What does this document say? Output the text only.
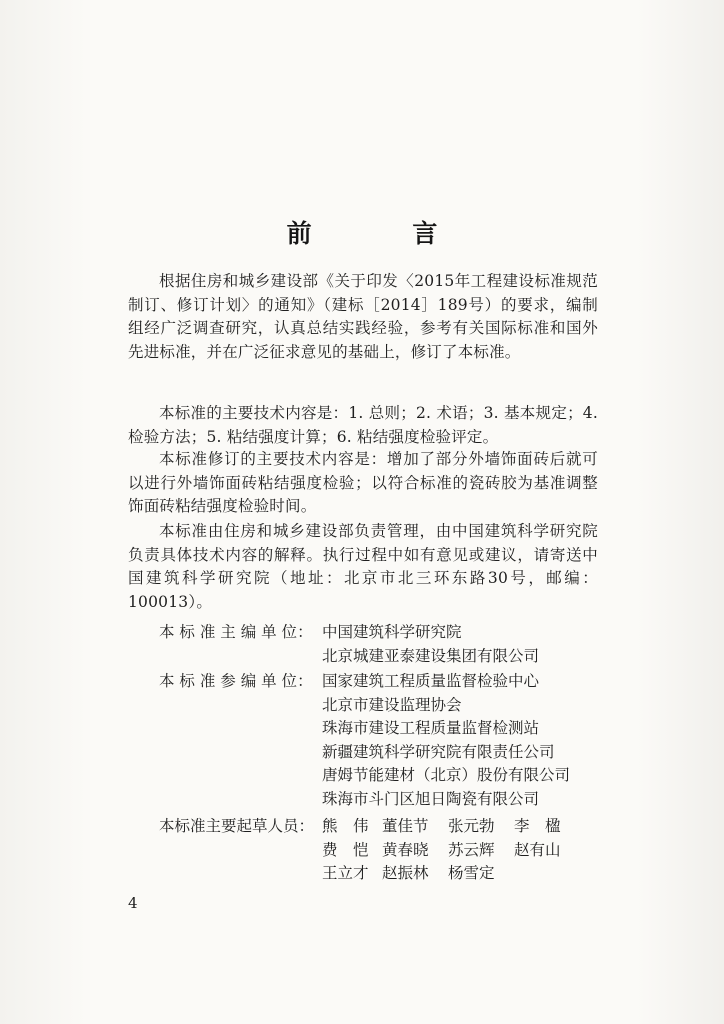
前 言

根据住房和城乡建设部《关于印发〈2015年工程建设标准规范制订、修订计划〉的通知》（建标［2014］189号）的要求，编制组经广泛调查研究，认真总结实践经验，参考有关国际标准和国外先进标准，并在广泛征求意见的基础上，修订了本标准。

本标准的主要技术内容是：1. 总则；2. 术语；3. 基本规定；4. 检验方法；5. 粘结强度计算；6. 粘结强度检验评定。

本标准修订的主要技术内容是：增加了部分外墙饰面砖后就可以进行外墙饰面砖粘结强度检验；以符合标准的瓷砖胶为基准调整饰面砖粘结强度检验时间。

本标准由住房和城乡建设部负责管理，由中国建筑科学研究院负责具体技术内容的解释。执行过程中如有意见或建议，请寄送中国建筑科学研究院（地址：北京市北三环东路30号，邮编：100013）。

本 标 准 主 编 单 位： 中国建筑科学研究院
北京城建亚泰建设集团有限公司
本 标 准 参 编 单 位： 国家建筑工程质量监督检验中心
北京市建设监理协会
珠海市建设工程质量监督检测站
新疆建筑科学研究院有限责任公司
唐姆节能建材（北京）股份有限公司
珠海市斗门区旭日陶瓷有限公司
本标准主要起草人员： 熊　伟 董佳节	张元勃	李　楹
费　恺 黄春晓	苏云辉	赵有山
王立才 赵振林	杨雪定
4
